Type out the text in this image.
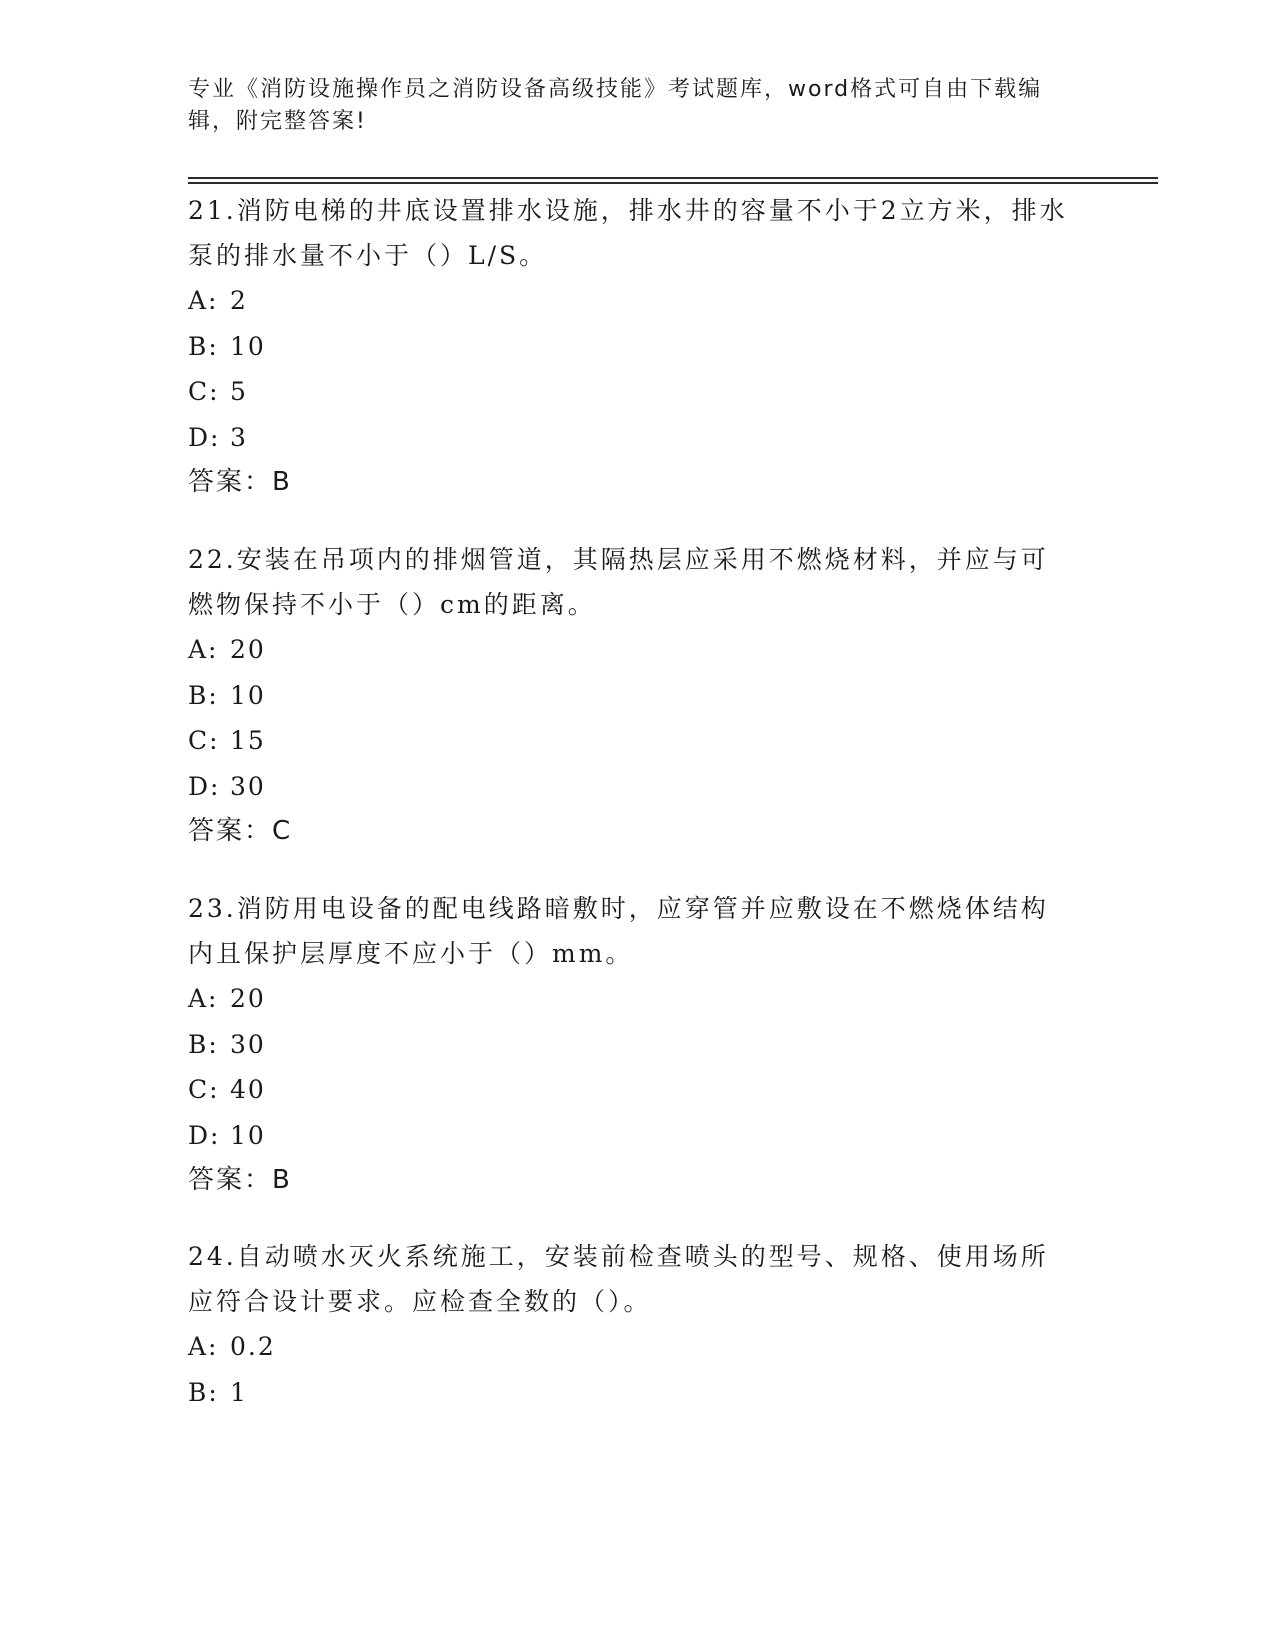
专业《消防设施操作员之消防设备高级技能》考试题库，word格式可自由下载编辑，附完整答案!

21.消防电梯的井底设置排水设施，排水井的容量不小于2立方米，排水泵的排水量不小于（）L/S。

A: 2
B: 10
C: 5
D: 3

答案：B

22.安装在吊项内的排烟管道，其隔热层应采用不燃烧材料，并应与可燃物保持不小于（）cm的距离。

A: 20
B: 10
C: 15
D: 30

答案：C

23.消防用电设备的配电线路暗敷时，应穿管并应敷设在不燃烧体结构内且保护层厚度不应小于（）mm。

A: 20
B: 30
C: 40
D: 10

答案：B

24.自动喷水灭火系统施工，安装前检查喷头的型号、规格、使用场所应符合设计要求。应检查全数的（）。

A: 0.2
B: 1
